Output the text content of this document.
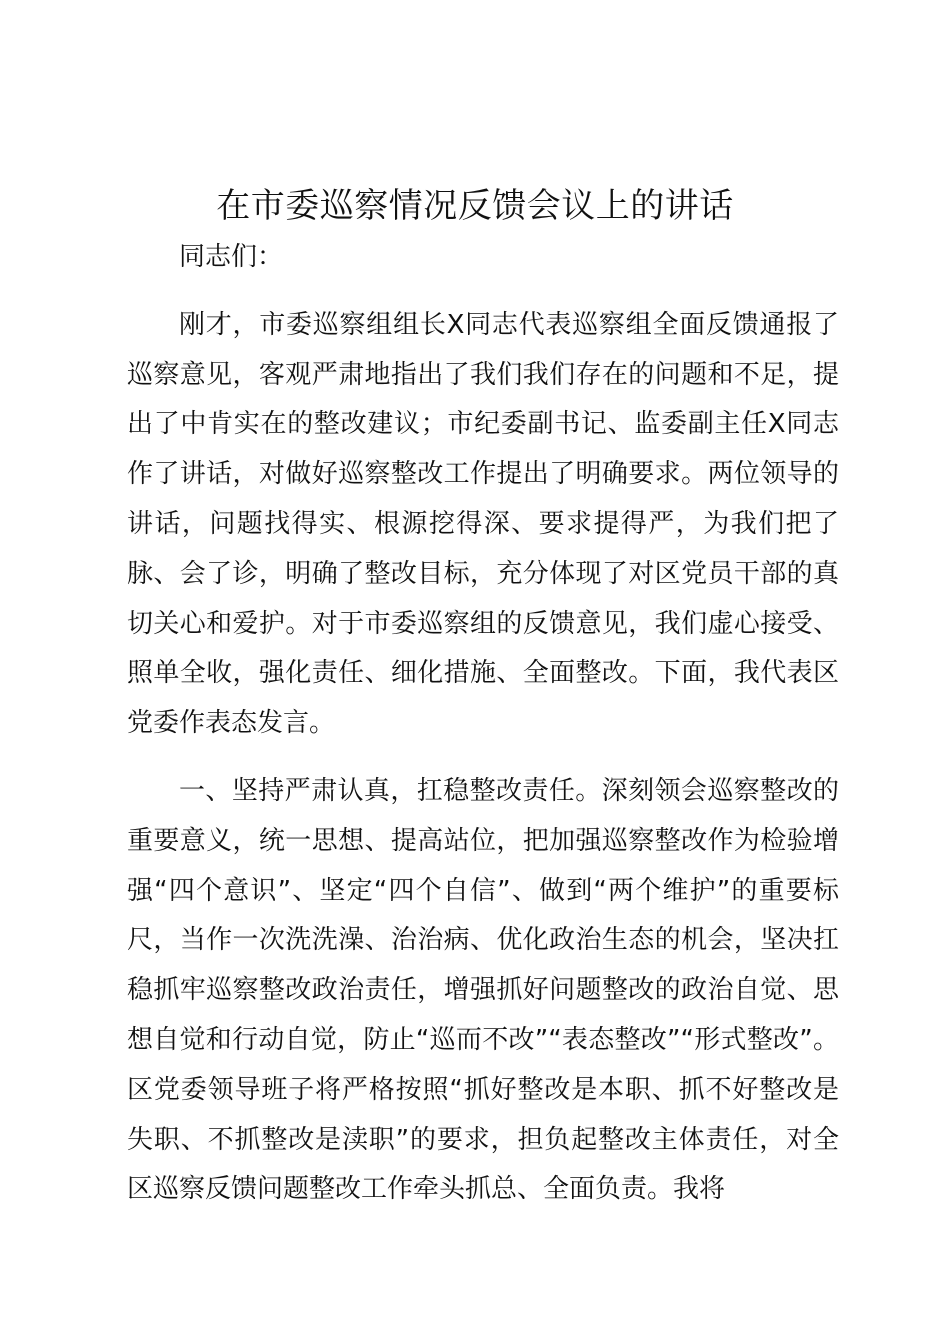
在市委巡察情况反馈会议上的讲话

同志们：

刚才，市委巡察组组长X同志代表巡察组全面反馈通报了巡察意见，客观严肃地指出了我们我们存在的问题和不足，提出了中肯实在的整改建议；市纪委副书记、监委副主任X同志作了讲话，对做好巡察整改工作提出了明确要求。两位领导的讲话，问题找得实、根源挖得深、要求提得严，为我们把了脉、会了诊，明确了整改目标，充分体现了对区党员干部的真切关心和爱护。对于市委巡察组的反馈意见，我们虚心接受、照单全收，强化责任、细化措施、全面整改。下面，我代表区党委作表态发言。

一、坚持严肃认真，扛稳整改责任。深刻领会巡察整改的重要意义，统一思想、提高站位，把加强巡察整改作为检验增强“四个意识”、坚定“四个自信”、做到“两个维护”的重要标尺，当作一次洗洗澡、治治病、优化政治生态的机会，坚决扛稳抓牢巡察整改政治责任，增强抓好问题整改的政治自觉、思想自觉和行动自觉，防止“巡而不改”“表态整改”“形式整改”。区党委领导班子将严格按照“抓好整改是本职、抓不好整改是失职、不抓整改是渎职”的要求，担负起整改主体责任，对全区巡察反馈问题整改工作牵头抓总、全面负责。我将
